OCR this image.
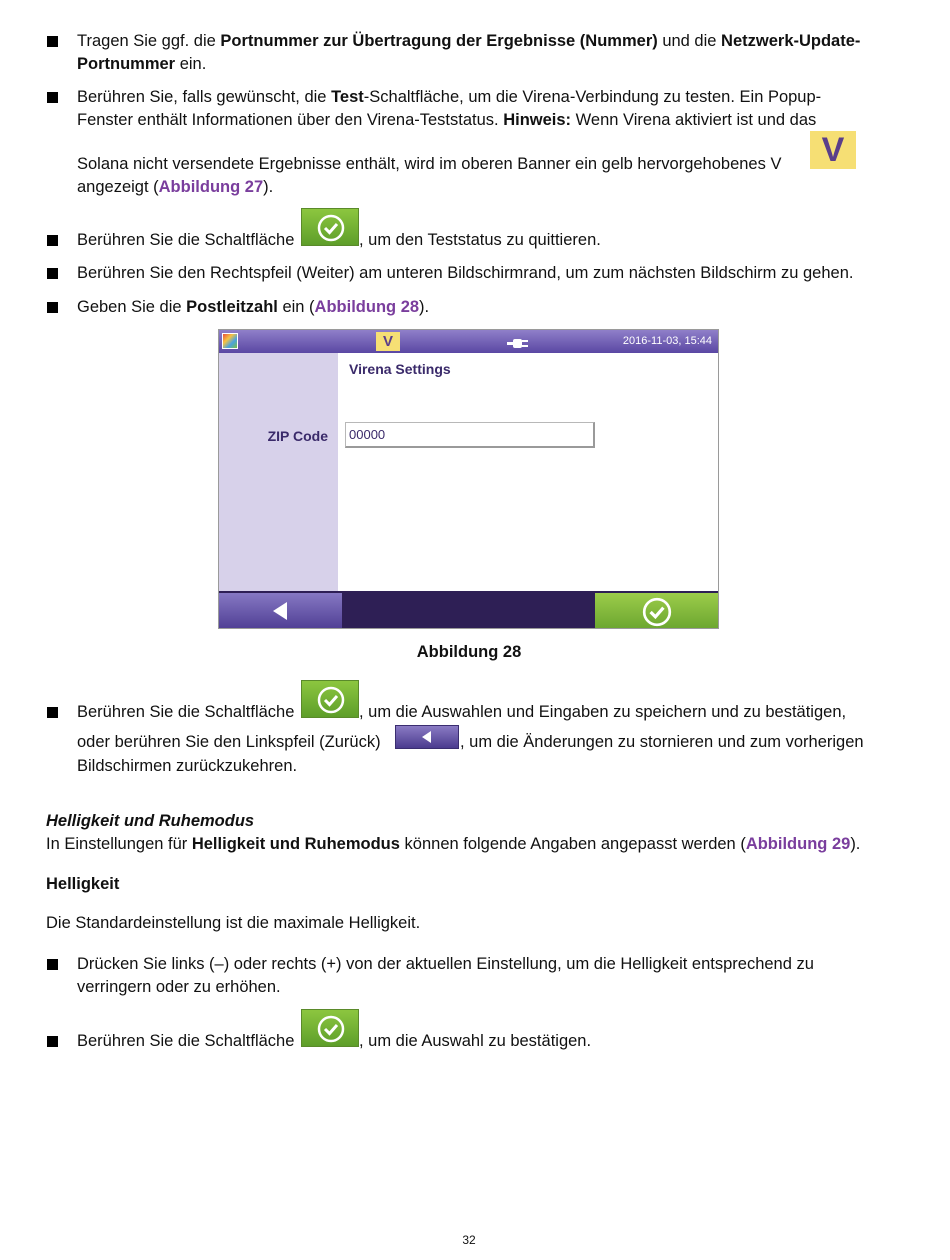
Tragen Sie ggf. die Portnummer zur Übertragung der Ergebnisse (Nummer) und die Netzwerk-Update-
Portnummer ein.
Berühren Sie, falls gewünscht, die Test-Schaltfläche, um die Virena-Verbindung zu testen. Ein Popup-
Fenster enthält Informationen über den Virena-Teststatus. Hinweis: Wenn Virena aktiviert ist und das
Solana nicht versendete Ergebnisse enthält, wird im oberen Banner ein gelb hervorgehobenes V	V
angezeigt (Abbildung 27).
Berühren Sie die Schaltfläche	, um den Teststatus zu quittieren.
Berühren Sie den Rechtspfeil (Weiter) am unteren Bildschirmrand, um zum nächsten Bildschirm zu gehen.
Geben Sie die Postleitzahl ein (Abbildung 28).
V	2016-11-03, 15:44
Virena Settings
ZIP Code	00000
Abbildung 28
Berühren Sie die Schaltfläche	, um die Auswahlen und Eingaben zu speichern und zu bestätigen,
oder berühren Sie den Linkspfeil (Zurück)	, um die Änderungen zu stornieren und zum vorherigen
Bildschirmen zurückzukehren.
Helligkeit und Ruhemodus
In Einstellungen für Helligkeit und Ruhemodus können folgende Angaben angepasst werden (Abbildung 29).
Helligkeit
Die Standardeinstellung ist die maximale Helligkeit.
Drücken Sie links (–) oder rechts (+) von der aktuellen Einstellung, um die Helligkeit entsprechend zu
verringern oder zu erhöhen.
Berühren Sie die Schaltfläche	, um die Auswahl zu bestätigen.
32
